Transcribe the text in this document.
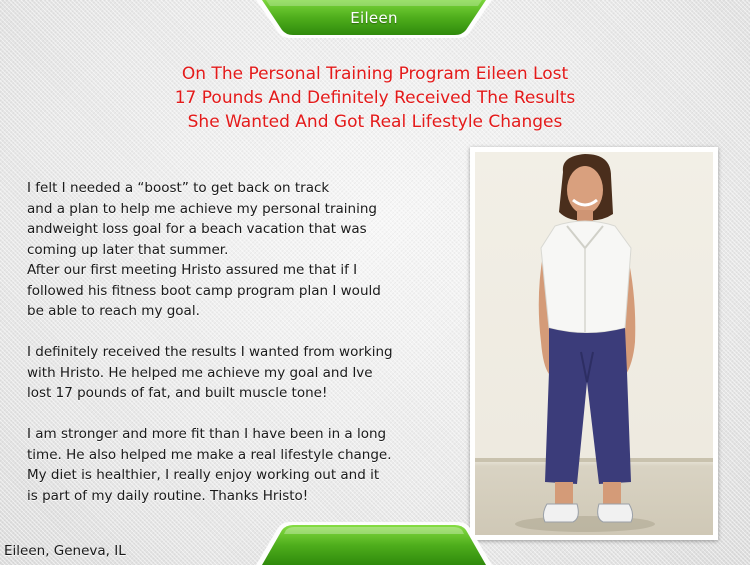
Eileen
On The Personal Training Program Eileen Lost
17 Pounds And Definitely Received The Results
She Wanted And Got Real Lifestyle Changes
I felt I needed a “boost” to get back on track
and a plan to help me achieve my personal training
andweight loss goal for a beach vacation that was
coming up later that summer.
After our first meeting Hristo assured me that if I
followed his fitness boot camp program plan I would
be able to reach my goal.
I definitely received the results I wanted from working
with Hristo. He helped me achieve my goal and Ive
lost 17 pounds of fat, and built muscle tone!
I am stronger and more fit than I have been in a long
time. He also helped me make a real lifestyle change.
My diet is healthier, I really enjoy working out and it
is part of my daily routine. Thanks Hristo!
Eileen, Geneva, IL
